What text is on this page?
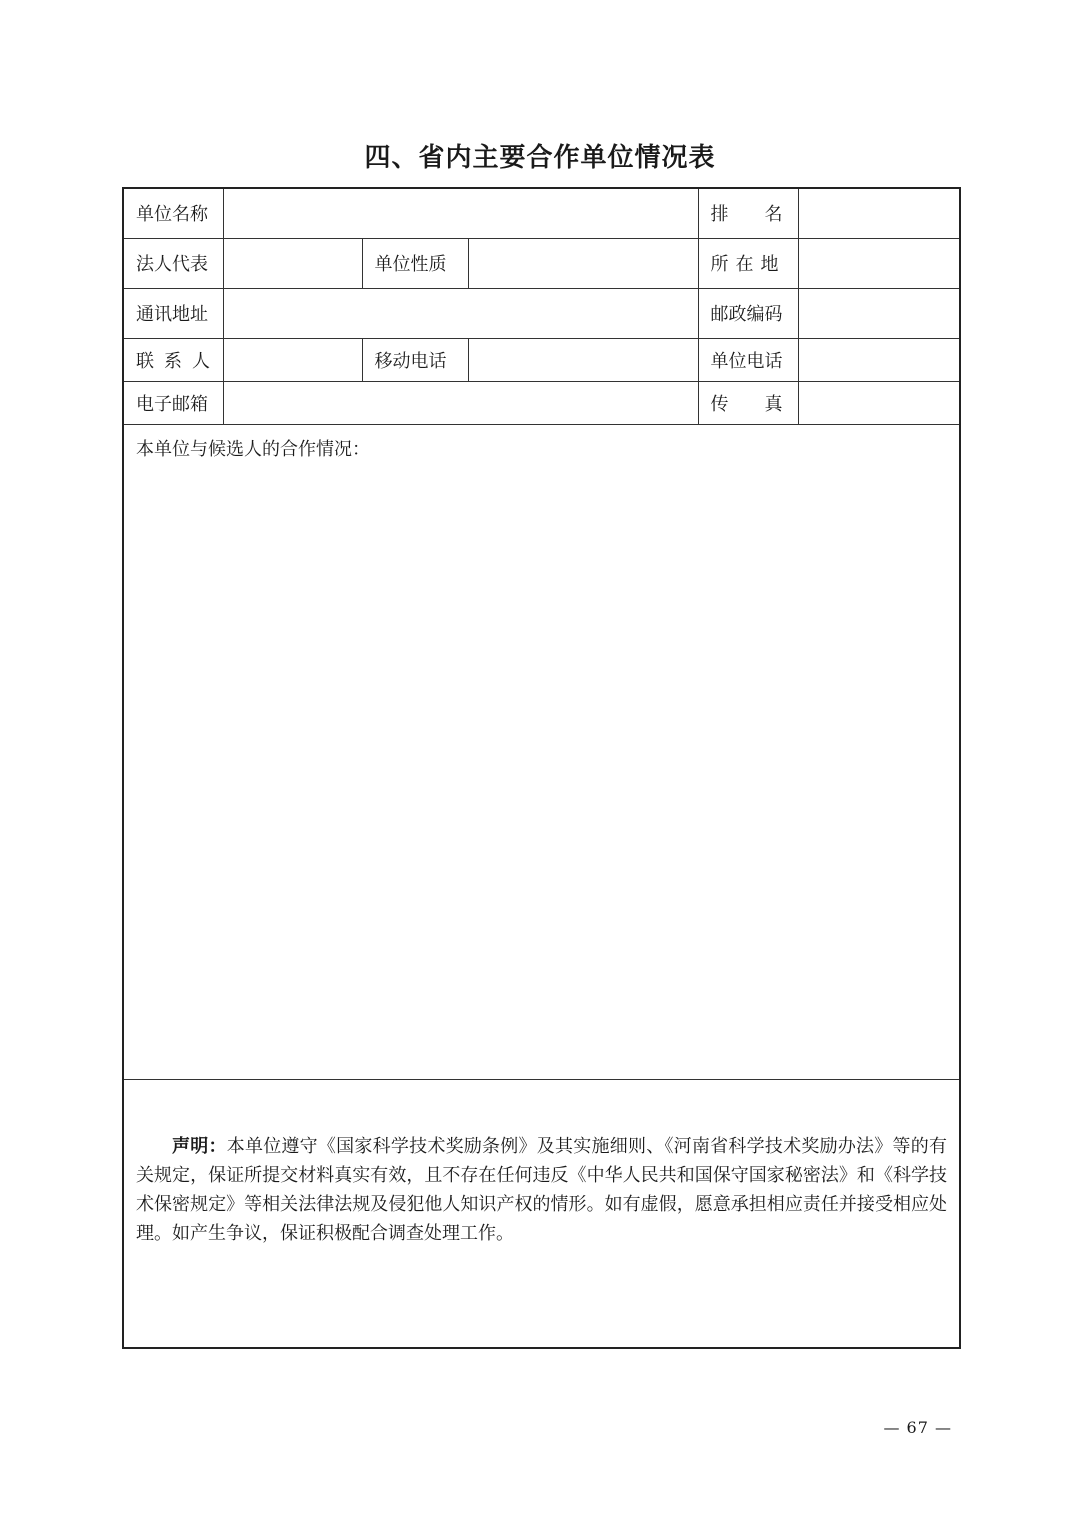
四、省内主要合作单位情况表
单位名称				排　　名	
法人代表		单位性质		所在地	
通讯地址				邮政编码	
联系人		移动电话		单位电话	
电子邮箱				传　　真	
本单位与候选人的合作情况：					
声明：本单位遵守《国家科学技术奖励条例》及其实施细则、《河南省科学技术奖励办法》等的有关规定，保证所提交材料真实有效，且不存在任何违反《中华人民共和国保守国家秘密法》和《科学技术保密规定》等相关法律法规及侵犯他人知识产权的情形。如有虚假，愿意承担相应责任并接受相应处理。如产生争议，保证积极配合调查处理工作。					
— 67 —
